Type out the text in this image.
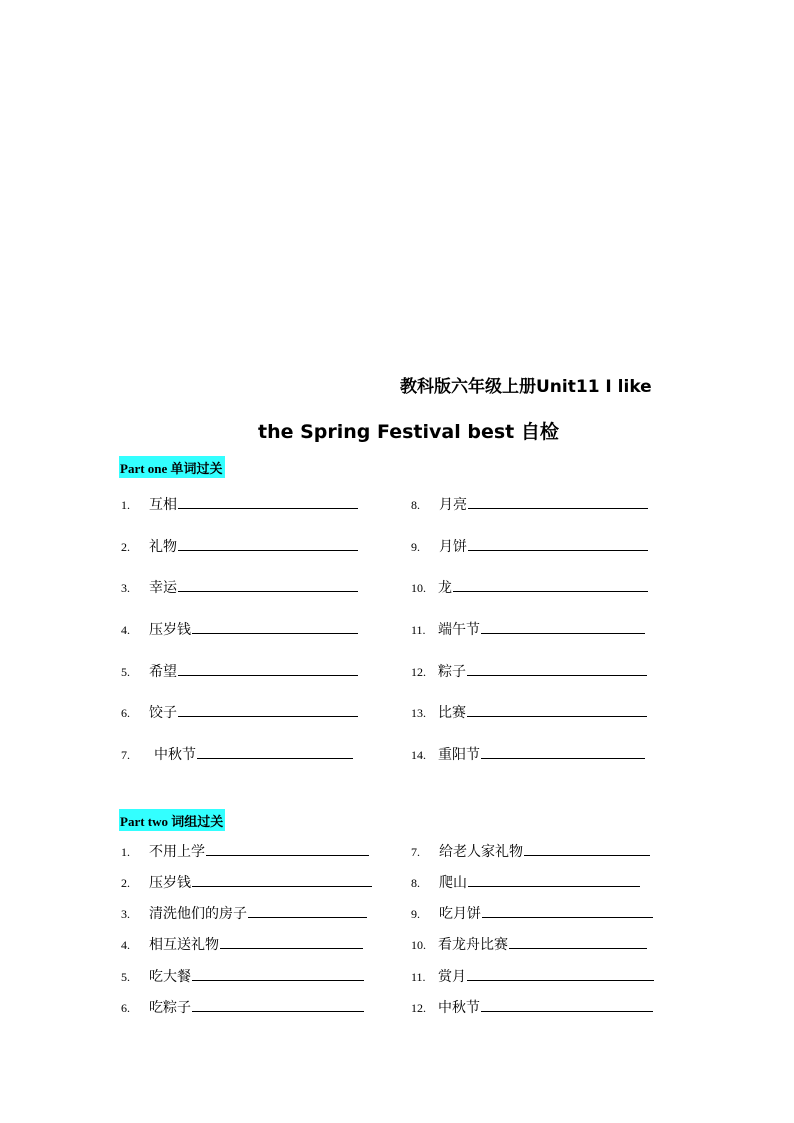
教科版六年级上册Unit11 I like
the Spring Festival best 自检
Part one 单词过关
1.	互相
2.	礼物
3.	幸运
4.	压岁钱
5.	希望
6.	饺子
7.	中秋节
8.	月亮
9.	月饼
10. 龙
11. 端午节
12. 粽子
13. 比赛
14. 重阳节
Part two 词组过关
1.	不用上学
2.	压岁钱
3.	清洗他们的房子
4.	相互送礼物
5.	吃大餐
6.	吃粽子
7.	给老人家礼物
8.	爬山
9.	吃月饼
10. 看龙舟比赛
11. 赏月
12. 中秋节
